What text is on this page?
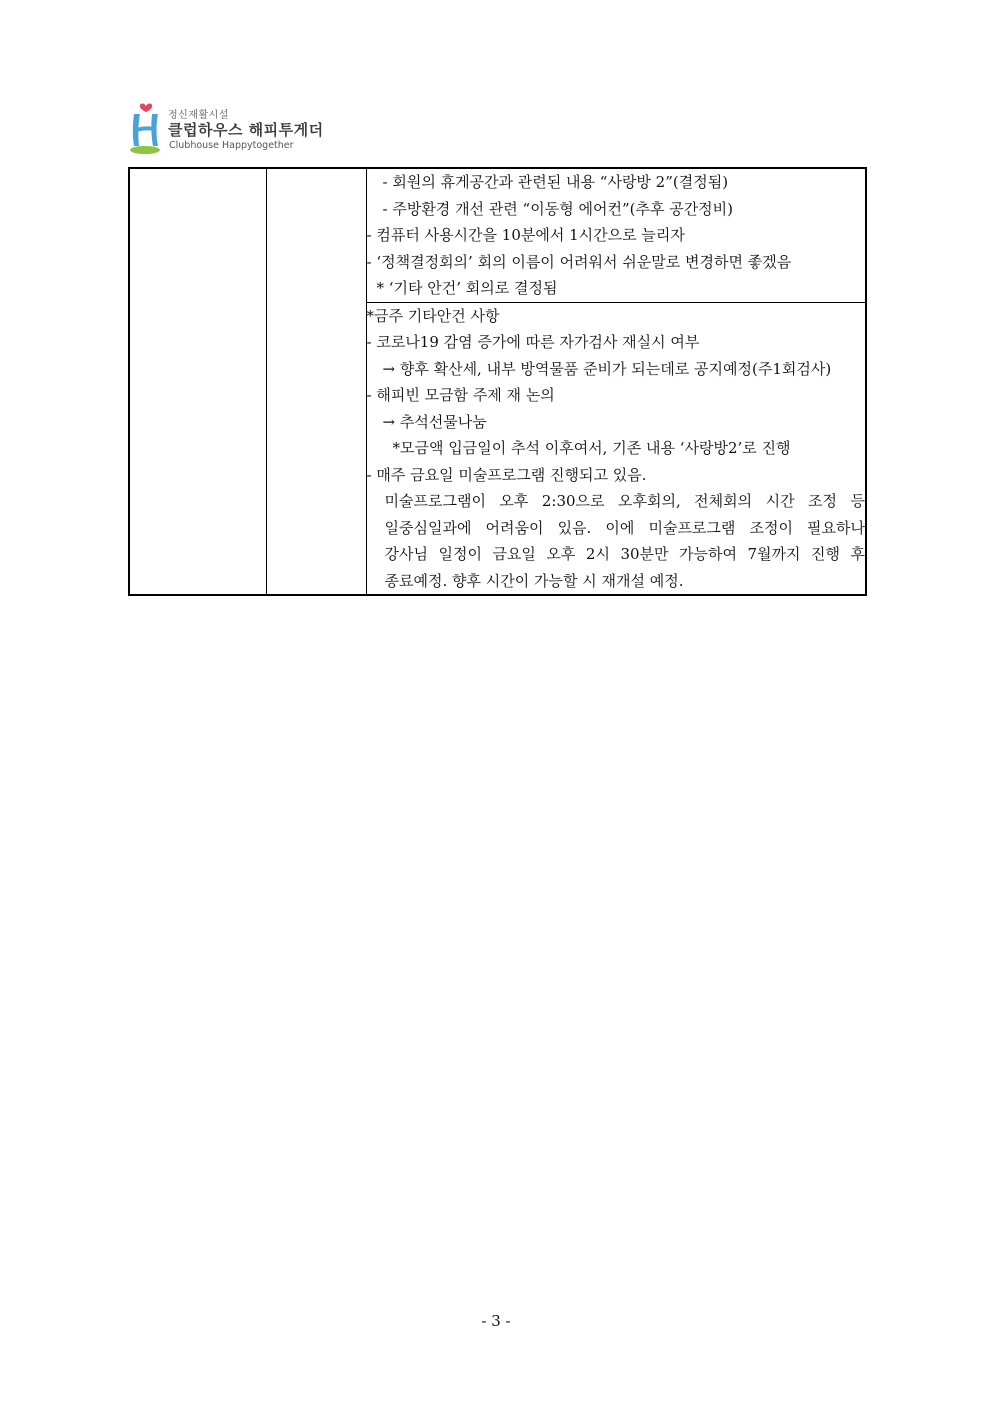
정신재활시설
클럽하우스 해피투게더
Clubhouse Happytogether

- 회원의 휴게공간과 관련된 내용 “사랑방 2”(결정됨)

- 주방환경 개선 관련 “이동형 에어컨”(추후 공간정비)

- 컴퓨터 사용시간을 10분에서 1시간으로 늘리자

- ‘정책결정회의’ 회의 이름이 어려워서 쉬운말로 변경하면 좋겠음

* ‘기타 안건’ 회의로 결정됨

*금주 기타안건 사항

- 코로나19 감염 증가에 따른 자가검사 재실시 여부

→ 향후 확산세, 내부 방역물품 준비가 되는데로 공지예정(주1회검사)

- 해피빈 모금함 주제 재 논의

→ 추석선물나눔

*모금액 입금일이 추석 이후여서, 기존 내용 ‘사랑방2’로 진행

- 매주 금요일 미술프로그램 진행되고 있음.

미술프로그램이 오후 2:30으로 오후회의, 전체회의 시간 조정 등

일중심일과에 어려움이 있음. 이에 미술프로그램 조정이 필요하나

강사님 일정이 금요일 오후 2시 30분만 가능하여 7월까지 진행 후

종료예정. 향후 시간이 가능할 시 재개설 예정.

- 3 -
